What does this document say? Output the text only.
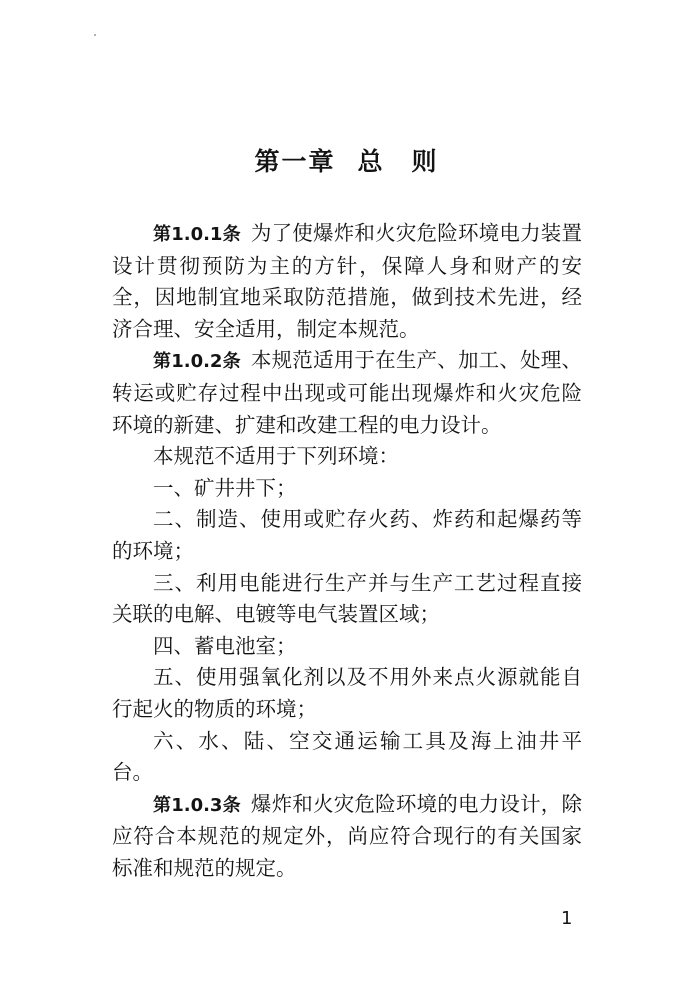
第一章 总　则

第1.0.1条 为了使爆炸和火灾危险环境电力装置设计贯彻预防为主的方针，保障人身和财产的安全，因地制宜地采取防范措施，做到技术先进，经济合理、安全适用，制定本规范。

第1.0.2条 本规范适用于在生产、加工、处理、转运或贮存过程中出现或可能出现爆炸和火灾危险环境的新建、扩建和改建工程的电力设计。

本规范不适用于下列环境：

一、矿井井下；

二、制造、使用或贮存火药、炸药和起爆药等的环境；

三、利用电能进行生产并与生产工艺过程直接关联的电解、电镀等电气装置区域；

四、蓄电池室；

五、使用强氧化剂以及不用外来点火源就能自行起火的物质的环境；

六、水、陆、空交通运输工具及海上油井平台。

第1.0.3条 爆炸和火灾危险环境的电力设计，除应符合本规范的规定外，尚应符合现行的有关国家标准和规范的规定。

1
